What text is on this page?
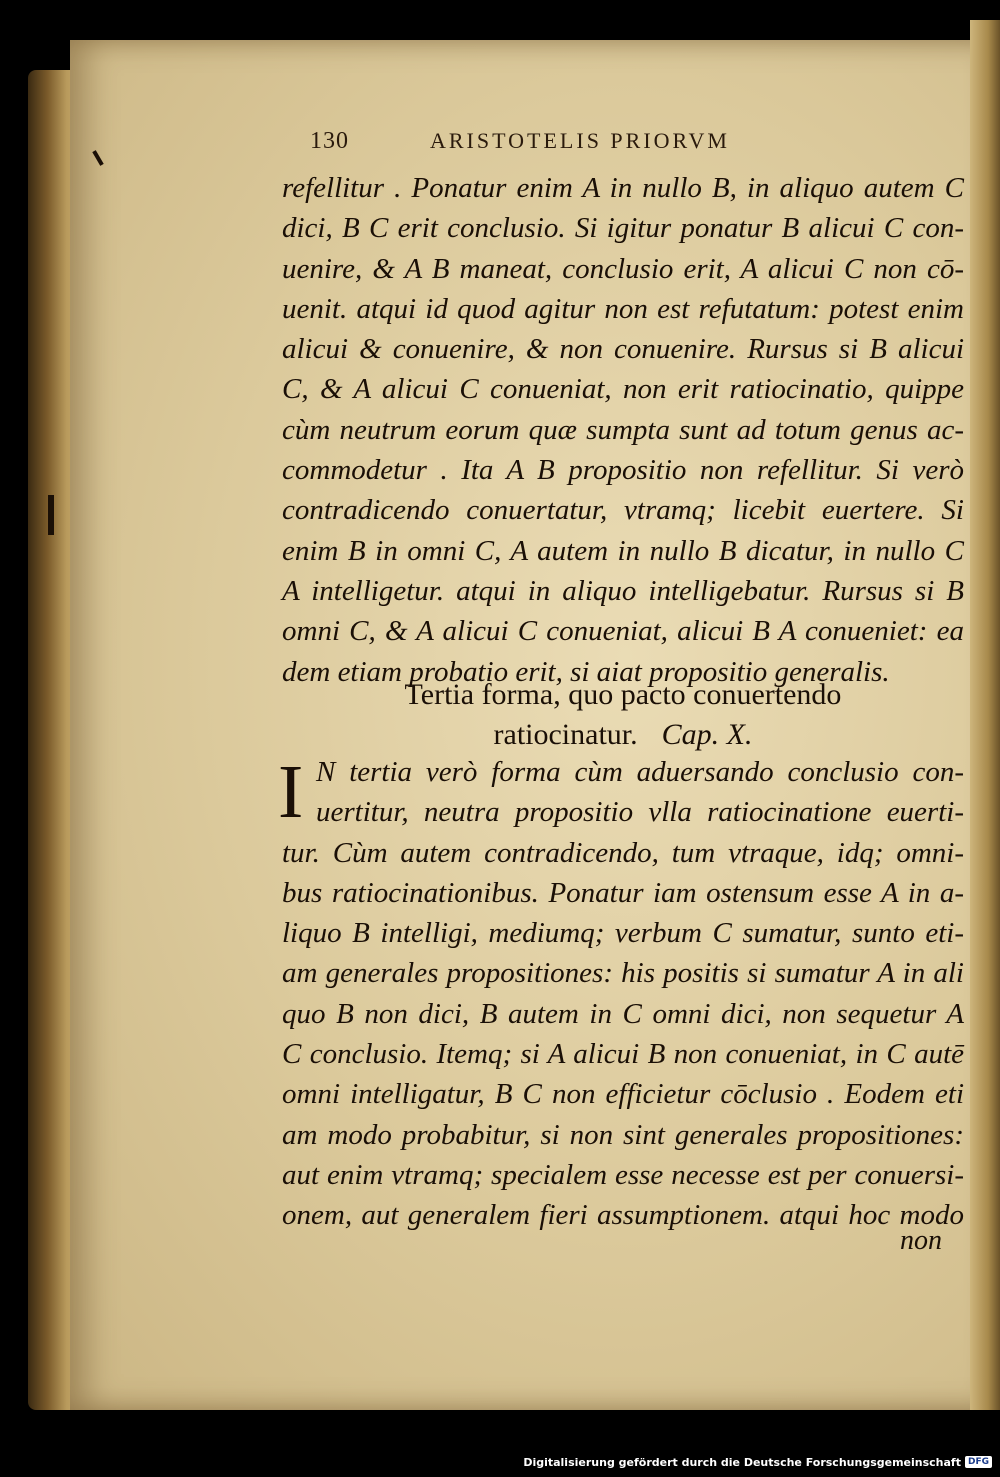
130	ARISTOTELIS PRIORVM
refellitur . Ponatur enim A in nullo B, in aliquo autem C
dici, B C erit conclusio. Si igitur ponatur B alicui C con-
uenire, & A B maneat, conclusio erit, A alicui C non cō-
uenit. atqui id quod agitur non est refutatum: potest enim
alicui & conuenire, & non conuenire. Rursus si B alicui
C, & A alicui C conueniat, non erit ratiocinatio, quippe
cùm neutrum eorum quæ sumpta sunt ad totum genus ac-
commodetur . Ita A B propositio non refellitur. Si verò
contradicendo conuertatur, vtramq; licebit euertere. Si
enim B in omni C, A autem in nullo B dicatur, in nullo C
A intelligetur. atqui in aliquo intelligebatur. Rursus si B
omni C, & A alicui C conueniat, alicui B A conueniet: ea
dem etiam probatio erit, si aiat propositio generalis.
Tertia forma, quo pacto conuertendo
ratiocinatur. Cap. X.
I N tertia verò forma cùm aduersando conclusio con-
uertitur, neutra propositio vlla ratiocinatione euerti-
tur. Cùm autem contradicendo, tum vtraque, idq; omni-
bus ratiocinationibus. Ponatur iam ostensum esse A in a-
liquo B intelligi, mediumq; verbum C sumatur, sunto eti-
am generales propositiones: his positis si sumatur A in ali
quo B non dici, B autem in C omni dici, non sequetur A
C conclusio. Itemq; si A alicui B non conueniat, in C autē
omni intelligatur, B C non efficietur cōclusio . Eodem eti
am modo probabitur, si non sint generales propositiones:
aut enim vtramq; specialem esse necesse est per conuersi-
onem, aut generalem fieri assumptionem. atqui hoc modo
non
Digitalisierung gefördert durch die Deutsche Forschungsgemeinschaft DFG
